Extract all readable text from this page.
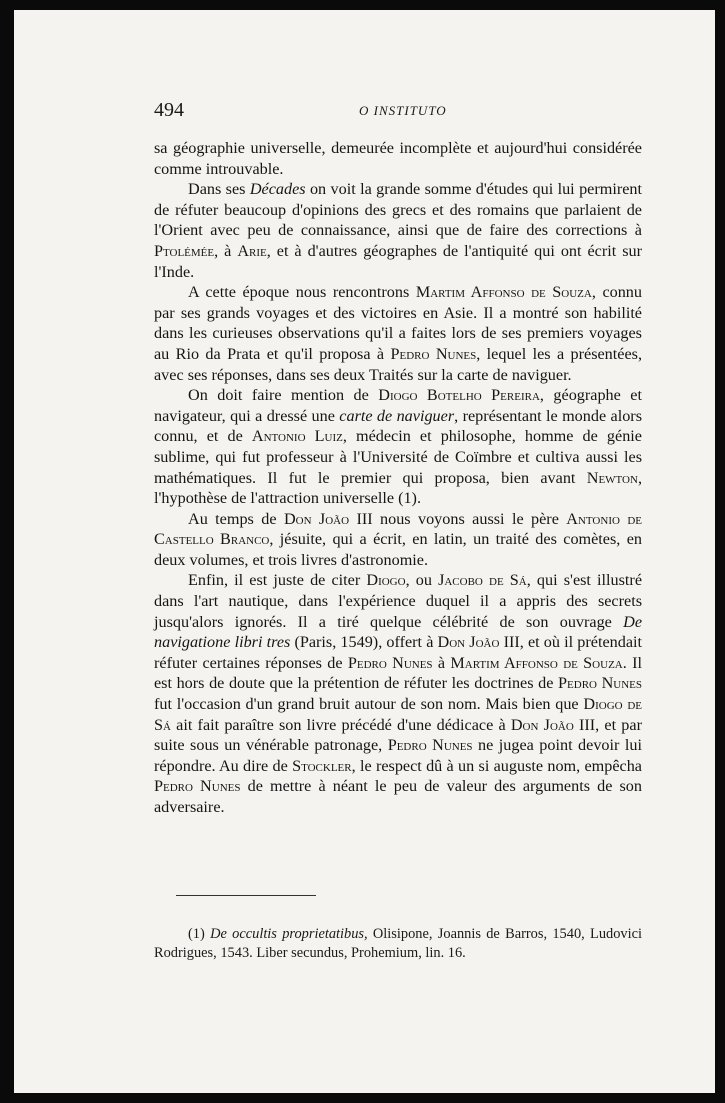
494	O INSTITUTO

sa géographie universelle, demeurée incomplète et aujourd'hui considérée comme introuvable.

Dans ses Décades on voit la grande somme d'études qui lui permirent de réfuter beaucoup d'opinions des grecs et des romains que parlaient de l'Orient avec peu de connaissance, ainsi que de faire des corrections à Ptolémée, à Arie, et à d'autres géographes de l'antiquité qui ont écrit sur l'Inde.

A cette époque nous rencontrons Martim Affonso de Souza, connu par ses grands voyages et des victoires en Asie. Il a montré son habilité dans les curieuses observations qu'il a faites lors de ses premiers voyages au Rio da Prata et qu'il proposa à Pedro Nunes, lequel les a présentées, avec ses réponses, dans ses deux Traités sur la carte de naviguer.

On doit faire mention de Diogo Botelho Pereira, géographe et navigateur, qui a dressé une carte de naviguer, représentant le monde alors connu, et de Antonio Luiz, médecin et philosophe, homme de génie sublime, qui fut professeur à l'Université de Coïmbre et cultiva aussi les mathématiques. Il fut le premier qui proposa, bien avant Newton, l'hypothèse de l'attraction universelle (1).

Au temps de Don João III nous voyons aussi le père Antonio de Castello Branco, jésuite, qui a écrit, en latin, un traité des comètes, en deux volumes, et trois livres d'astronomie.

Enfin, il est juste de citer Diogo, ou Jacobo de Sá, qui s'est illustré dans l'art nautique, dans l'expérience duquel il a appris des secrets jusqu'alors ignorés. Il a tiré quelque célébrité de son ouvrage De navigatione libri tres (Paris, 1549), offert à Don João III, et où il prétendait réfuter certaines réponses de Pedro Nunes à Martim Affonso de Souza. Il est hors de doute que la prétention de réfuter les doctrines de Pedro Nunes fut l'occasion d'un grand bruit autour de son nom. Mais bien que Diogo de Sá ait fait paraître son livre précédé d'une dédicace à Don João III, et par suite sous un vénérable patronage, Pedro Nunes ne jugea point devoir lui répondre. Au dire de Stockler, le respect dû à un si auguste nom, empêcha Pedro Nunes de mettre à néant le peu de valeur des arguments de son adversaire.

(1) De occultis proprietatibus, Olisipone, Joannis de Barros, 1540, Ludovici Rodrigues, 1543. Liber secundus, Prohemium, lin. 16.
